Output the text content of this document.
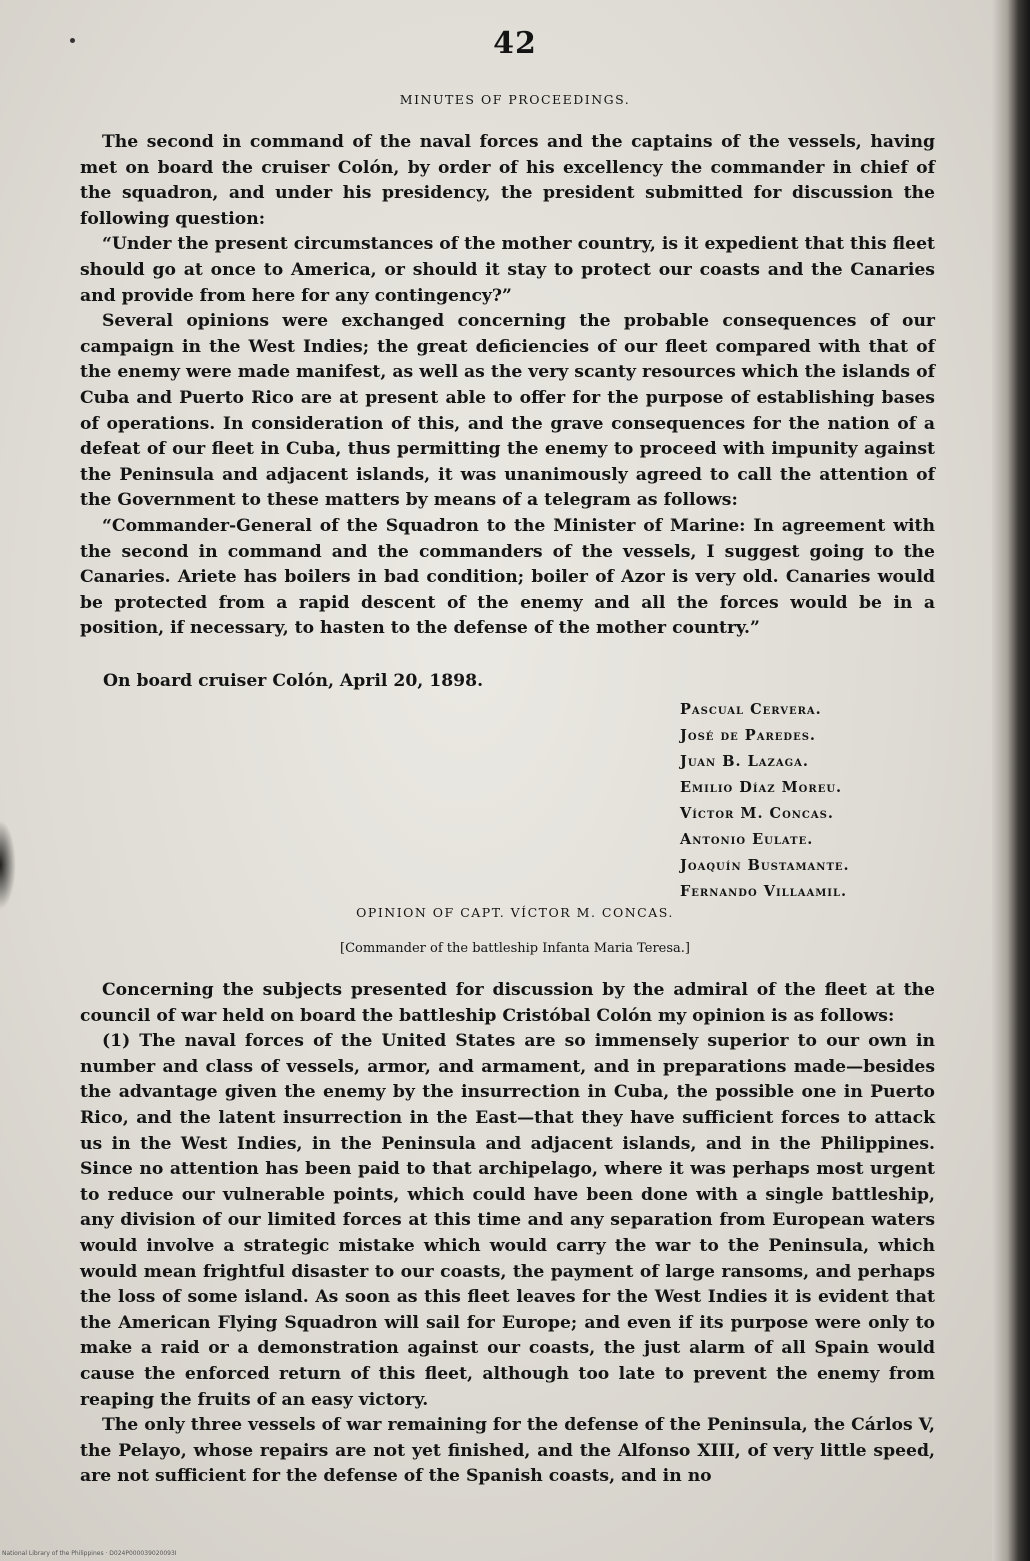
42
MINUTES OF PROCEEDINGS.

The second in command of the naval forces and the captains of the vessels, having met on board the cruiser Colón, by order of his excellency the commander in chief of the squadron, and under his presidency, the president submitted for discussion the following question:

“Under the present circumstances of the mother country, is it expedient that this fleet should go at once to America, or should it stay to protect our coasts and the Canaries and provide from here for any contingency?”

Several opinions were exchanged concerning the probable consequences of our campaign in the West Indies; the great deficiencies of our fleet compared with that of the enemy were made manifest, as well as the very scanty resources which the islands of Cuba and Puerto Rico are at present able to offer for the purpose of establishing bases of operations. In consideration of this, and the grave consequences for the nation of a defeat of our fleet in Cuba, thus permitting the enemy to proceed with impunity against the Peninsula and adjacent islands, it was unanimously agreed to call the attention of the Government to these matters by means of a telegram as follows:

“Commander-General of the Squadron to the Minister of Marine: In agreement with the second in command and the commanders of the vessels, I suggest going to the Canaries. Ariete has boilers in bad condition; boiler of Azor is very old. Canaries would be protected from a rapid descent of the enemy and all the forces would be in a position, if necessary, to hasten to the defense of the mother country.”

On board cruiser Colón, April 20, 1898.
Pascual Cervera.
José de Paredes.
Juan B. Lazaga.
Emilio Díaz Moreu.
Víctor M. Concas.
Antonio Eulate.
Joaquín Bustamante.
Fernando Villaamil.
OPINION OF CAPT. VÍCTOR M. CONCAS.
[Commander of the battleship Infanta Maria Teresa.]

Concerning the subjects presented for discussion by the admiral of the fleet at the council of war held on board the battleship Cristóbal Colón my opinion is as follows:

(1) The naval forces of the United States are so immensely superior to our own in number and class of vessels, armor, and armament, and in preparations made—besides the advantage given the enemy by the insurrection in Cuba, the possible one in Puerto Rico, and the latent insurrection in the East—that they have sufficient forces to attack us in the West Indies, in the Peninsula and adjacent islands, and in the Philippines. Since no attention has been paid to that archipelago, where it was perhaps most urgent to reduce our vulnerable points, which could have been done with a single battleship, any division of our limited forces at this time and any separation from European waters would involve a strategic mistake which would carry the war to the Peninsula, which would mean frightful disaster to our coasts, the payment of large ransoms, and perhaps the loss of some island. As soon as this fleet leaves for the West Indies it is evident that the American Flying Squadron will sail for Europe; and even if its purpose were only to make a raid or a demonstration against our coasts, the just alarm of all Spain would cause the enforced return of this fleet, although too late to prevent the enemy from reaping the fruits of an easy victory.

The only three vessels of war remaining for the defense of the Peninsula, the Cárlos V, the Pelayo, whose repairs are not yet finished, and the Alfonso XIII, of very little speed, are not sufficient for the defense of the Spanish coasts, and in no

National Library of the Philippines · D024P000039020093I
